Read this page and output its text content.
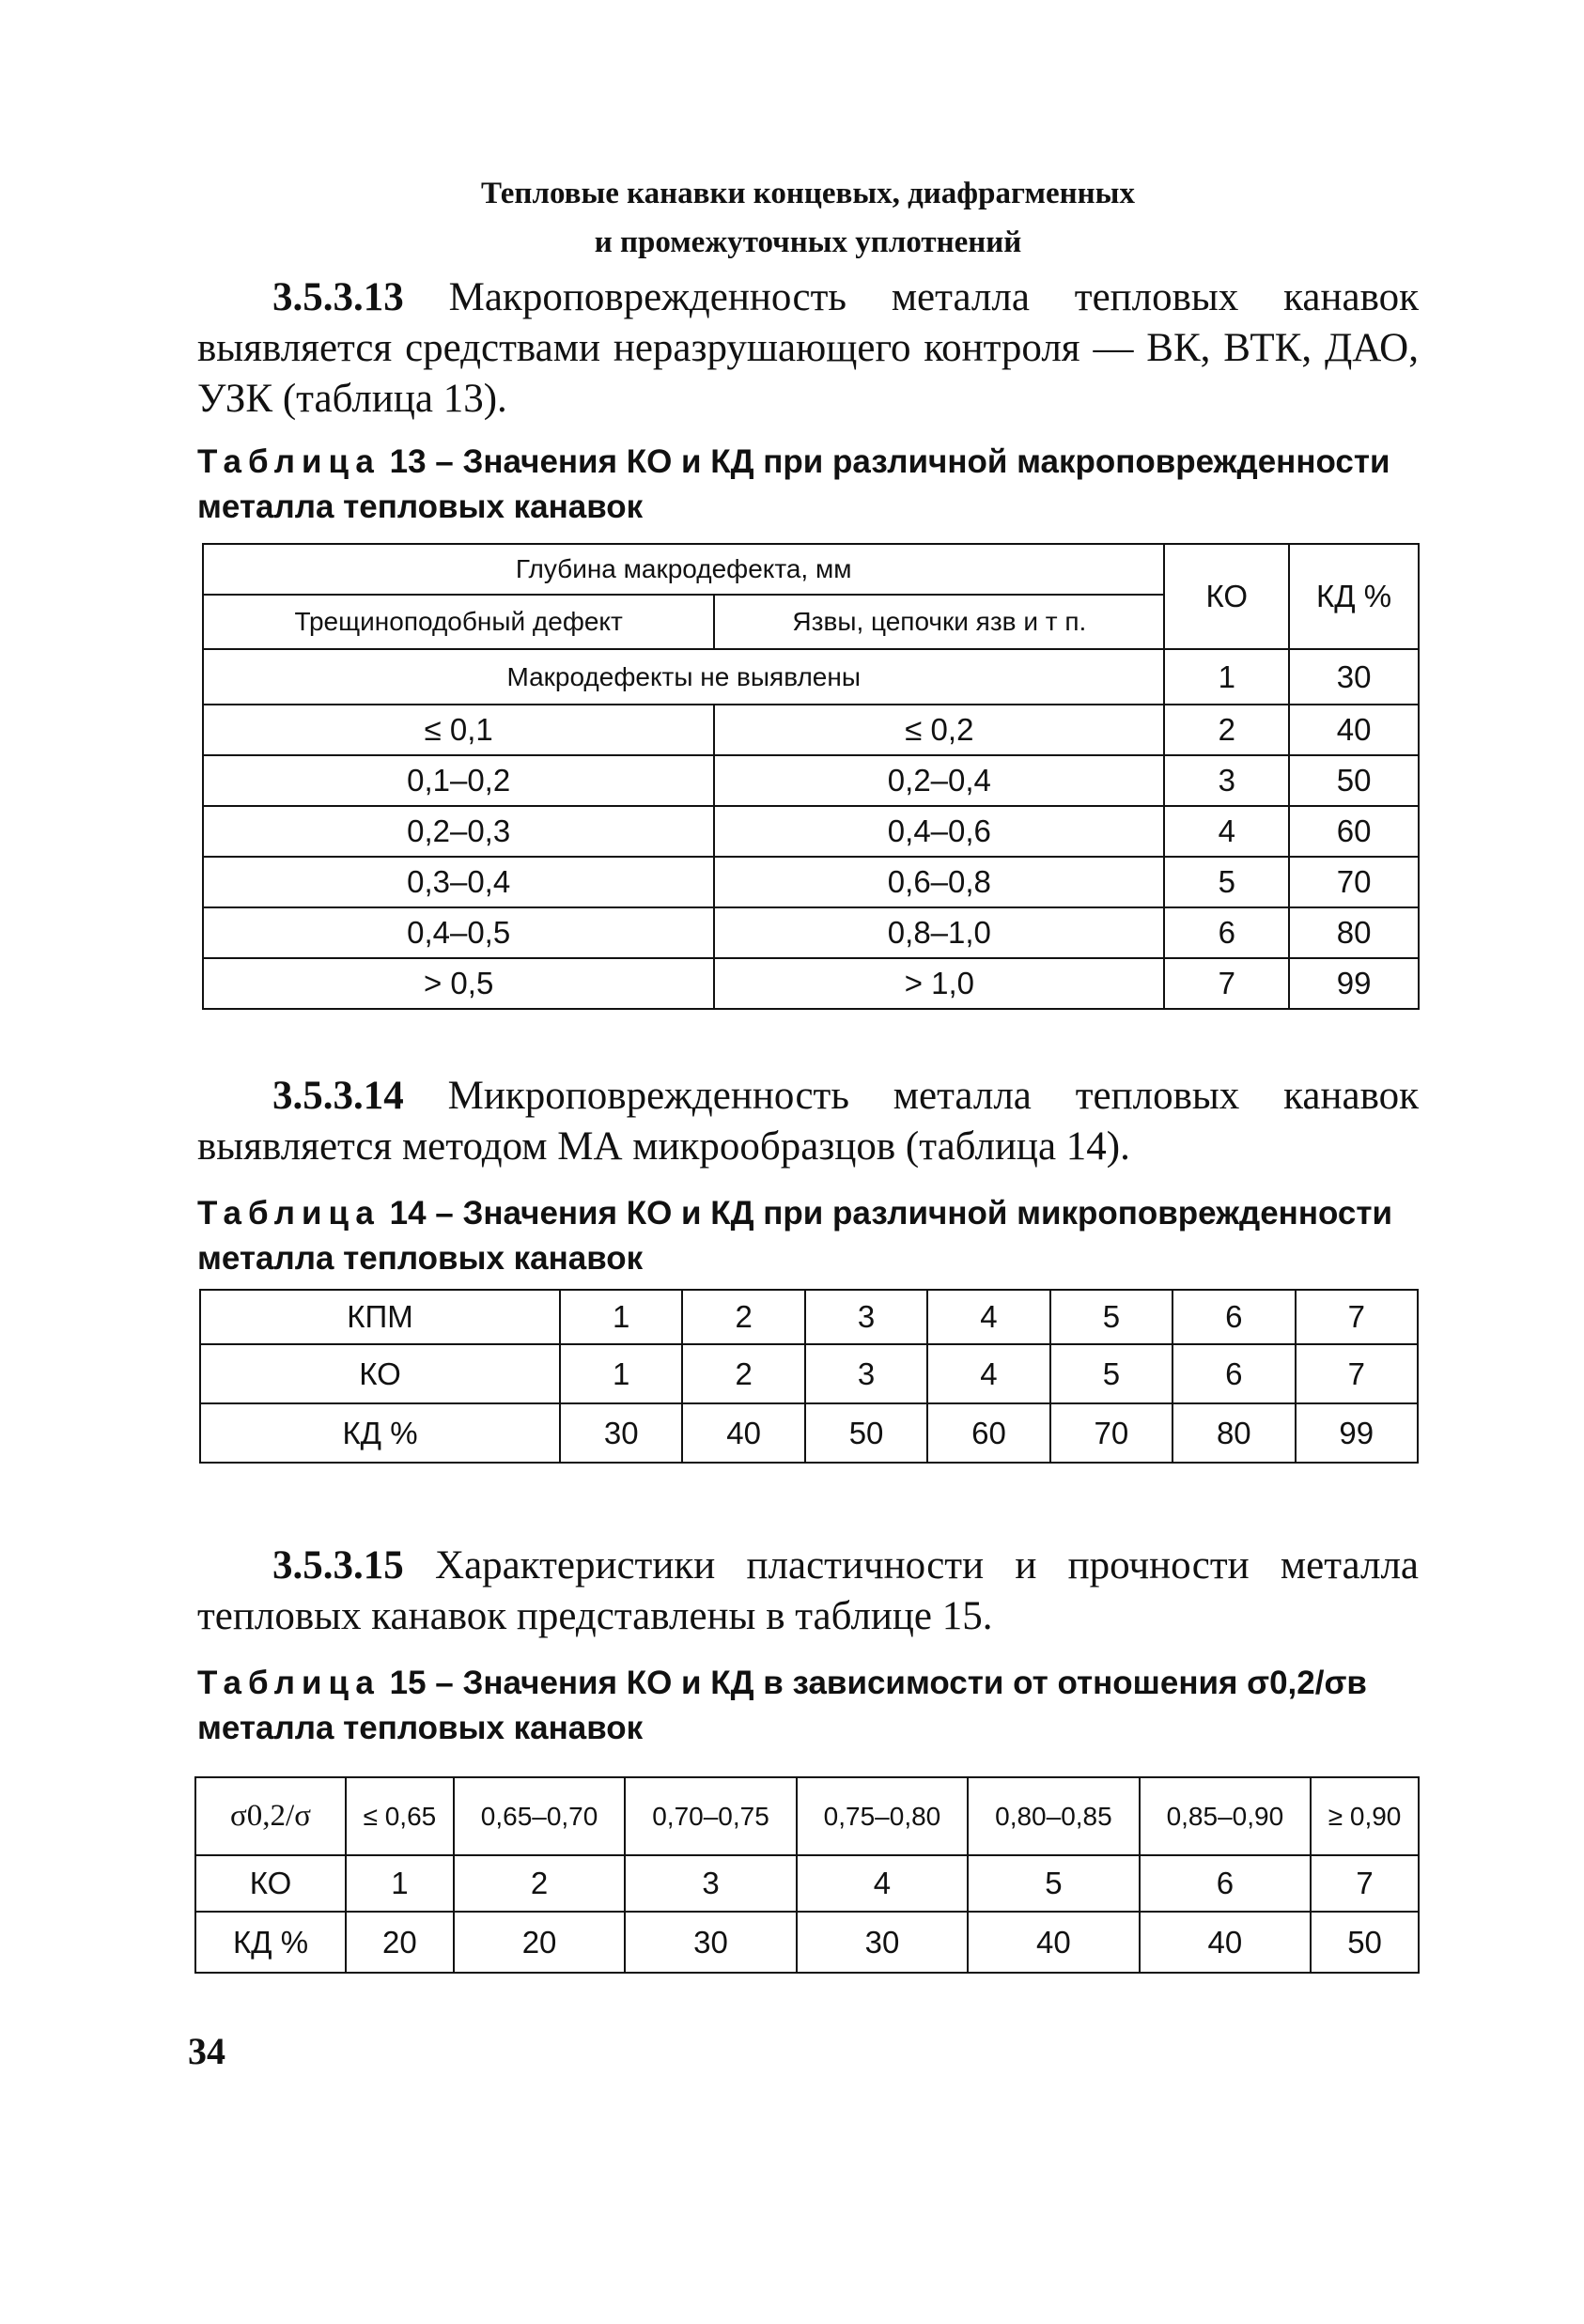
Тепловые канавки концевых, диафрагменных
и промежуточных уплотнений
3.5.3.13 Макроповрежденность металла тепловых канавок выявляется средствами неразрушающего контроля — ВК, ВТК, ДАО, УЗК (таблица 13).
Таблица 13 – Значения КО и КД при различной макроповрежденности металла тепловых канавок
Глубина макродефекта, мм		КО	КД %
Трещиноподобный дефект	Язвы, цепочки язв и т п.		
Макродефекты не выявлены		1	30
≤ 0,1	≤ 0,2	2	40
0,1–0,2	0,2–0,4	3	50
0,2–0,3	0,4–0,6	4	60
0,3–0,4	0,6–0,8	5	70
0,4–0,5	0,8–1,0	6	80
> 0,5	> 1,0	7	99
3.5.3.14 Микроповрежденность металла тепловых канавок выявляется методом МА микрообразцов (таблица 14).
Таблица 14 – Значения КО и КД при различной микроповрежденности металла тепловых канавок
КПМ	1	2	3	4	5	6	7
КО	1	2	3	4	5	6	7
КД %	30	40	50	60	70	80	99
3.5.3.15 Характеристики пластичности и прочности металла тепловых канавок представлены в таблице 15.
Таблица 15 – Значения КО и КД в зависимости от отношения σ0,2/σв металла тепловых канавок
σ0,2/σ	≤ 0,65	0,65–0,70	0,70–0,75	0,75–0,80	0,80–0,85	0,85–0,90	≥ 0,90
КО	1	2	3	4	5	6	7
КД %	20	20	30	30	40	40	50
34
